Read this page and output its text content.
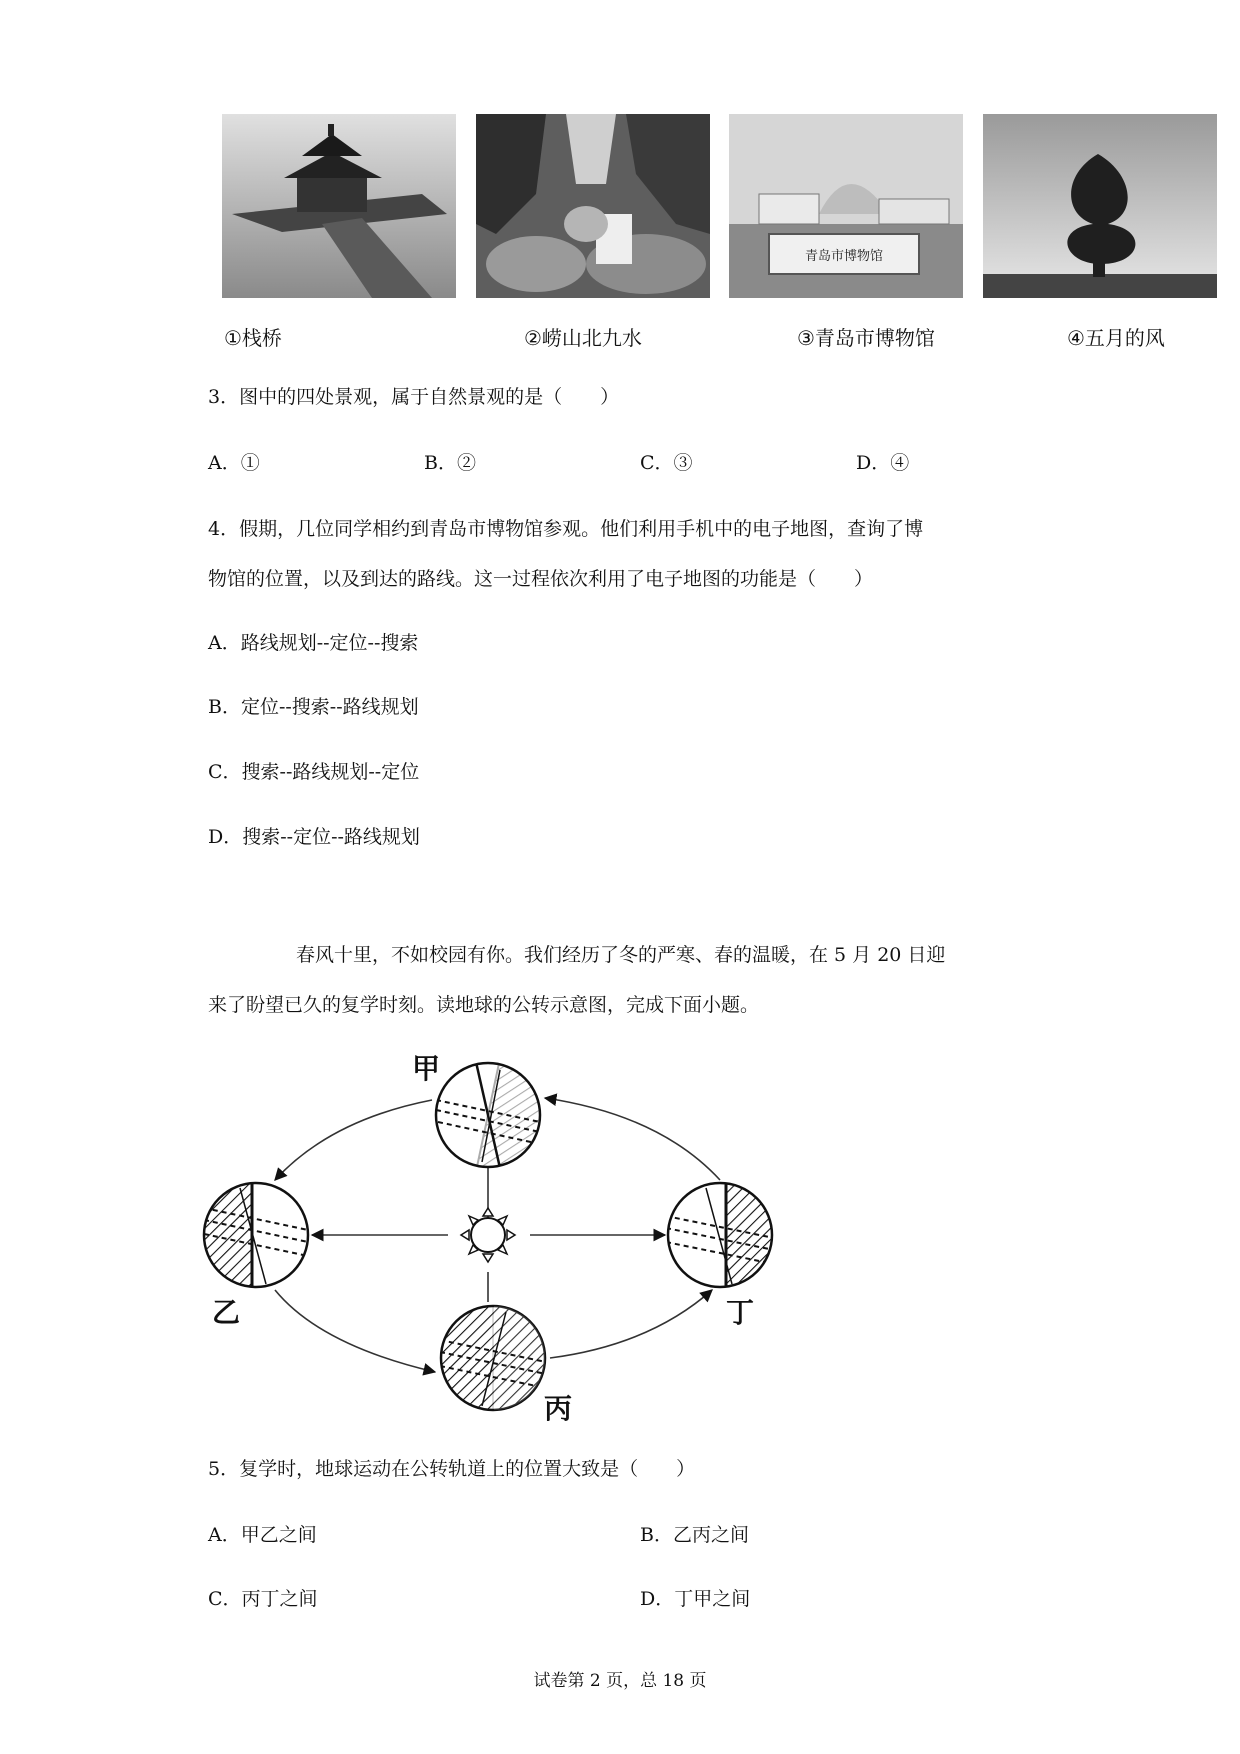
青岛市博物馆
①栈桥	②崂山北九水	③青岛市博物馆	④五月的风
3．图中的四处景观，属于自然景观的是（　　）
A．①	B．②	C．③	D．④
4．假期，几位同学相约到青岛市博物馆参观。他们利用手机中的电子地图，查询了博
物馆的位置，以及到达的路线。这一过程依次利用了电子地图的功能是（　　）
A．路线规划--定位--搜索
B．定位--搜索--路线规划
C．搜索--路线规划--定位
D．搜索--定位--路线规划
春风十里，不如校园有你。我们经历了冬的严寒、春的温暖，在 5 月 20 日迎
来了盼望已久的复学时刻。读地球的公转示意图，完成下面小题。
甲
乙	丁
丙
5．复学时，地球运动在公转轨道上的位置大致是（　　）
A．甲乙之间	B．乙丙之间
C．丙丁之间	D．丁甲之间
试卷第 2 页，总 18 页
